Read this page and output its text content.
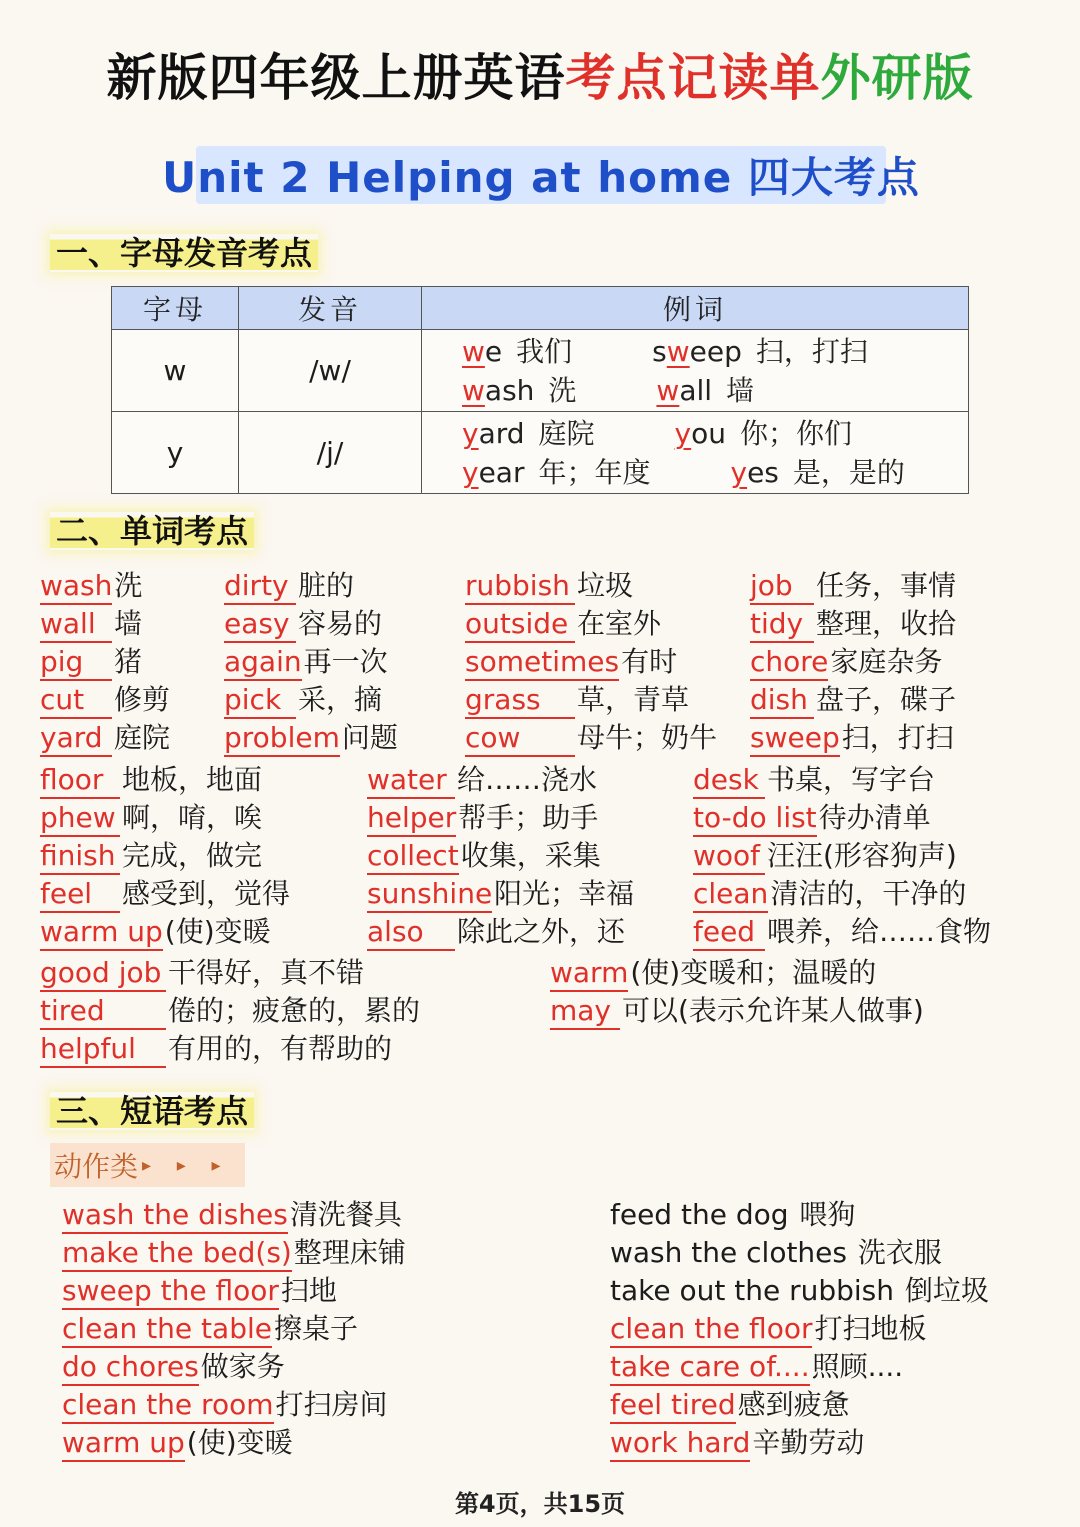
新版四年级上册英语考点记读单外研版
Unit 2 Helping at home 四大考点
一、字母发音考点
字母	发音	例词
w	/w/	we 我们 sweep 扫，打扫
wash 洗 wall 墙

y	/j/	yard 庭院 you 你；你们
year 年；年度 yes 是，是的
二、单词考点
wash洗	dirty 脏的	rubbish 垃圾	job 任务，事情
wall 墙	easy 容易的	outside 在室外	tidy 整理，收拾
pig 猪	again再一次	sometimes有时	chore家庭杂务
cut 修剪 pick 采，摘	grass 草，青草 dish 盘子，碟子
yard 庭院 problem问题 cow 母牛；奶牛 sweep扫，打扫
floor 地板，地面	water 给……浇水	desk 书桌，写字台
phew 啊，唷，唉	helper帮手；助手	to-do list待办清单
finish 完成，做完	collect收集，采集	woof 汪汪(形容狗声)
feel 感受到，觉得	sunshine阳光；幸福 clean清洁的，干净的
warm up(使)变暖	also 除此之外，还 feed 喂养，给……食物
good job 干得好，真不错	warm(使)变暖和；温暖的
tired 倦的；疲惫的，累的	may 可以(表示允许某人做事)
helpful 有用的，有帮助的
三、短语考点
动作类 ▸ ▸ ▸
wash the dishes清洗餐具	feed the dog 喂狗
make the bed(s)整理床铺	wash the clothes 洗衣服
sweep the floor扫地	take out the rubbish 倒垃圾
clean the table擦桌子	clean the floor打扫地板
do chores做家务	take care of....照顾....
clean the room打扫房间	feel tired感到疲惫
warm up(使)变暖	work hard辛勤劳动
第4页，共15页
